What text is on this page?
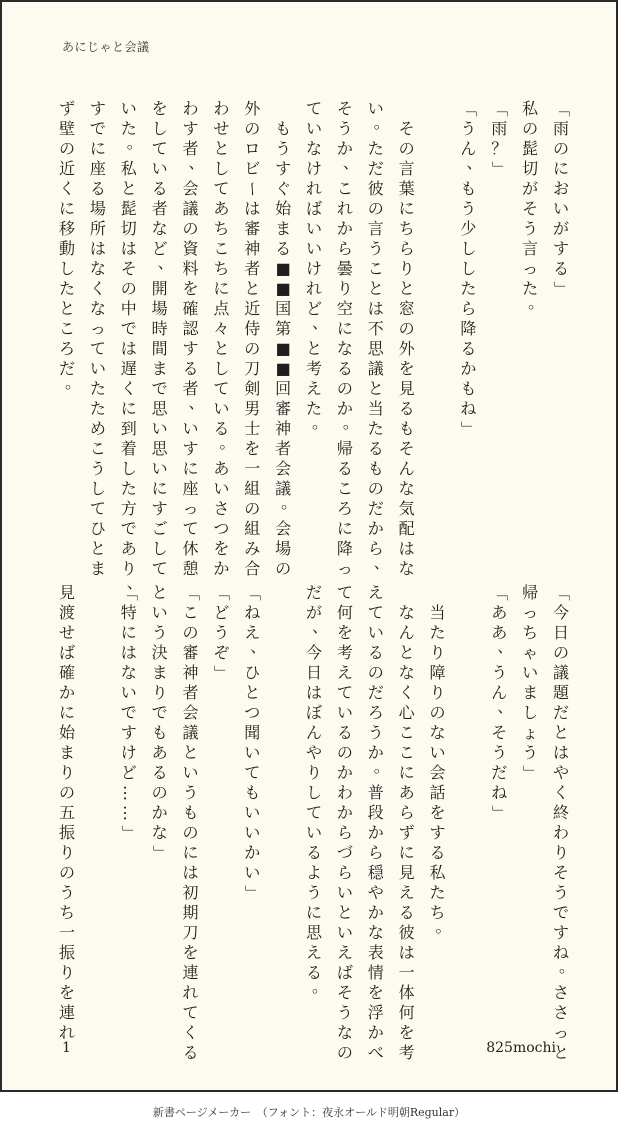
あにじゃと会議
「
雨
の
に
お
い
が
す
る
」
私
の
髭
切
が
そ
う
言
っ
た
。
「
雨
？
」
「
う
ん
、
も
う
少
し
し
た
ら
降
る
か
も
ね
」

そ
の
言
葉
に
ち
ら
り
と
窓
の
外
を
見
る
も
そ
ん
な
気
配
は
な
い
。
た
だ
彼
の
言
う
こ
と
は
不
思
議
と
当
た
る
も
の
だ
か
ら
、
そ
う
か
、
こ
れ
か
ら
曇
り
空
に
な
る
の
か
。
帰
る
こ
ろ
に
降
っ
て
い
な
け
れ
ば
い
い
け
れ
ど
、
と
考
え
た
。

も
う
す
ぐ
始
ま
る
■
■
国
第
■
■
回
審
神
者
会
議
。
会
場
の
外
の
ロ
ビ
ー
は
審
神
者
と
近
侍
の
刀
剣
男
士
を
一
組
の
組
み
合
わ
せ
と
し
て
あ
ち
こ
ち
に
点
々
と
し
て
い
る
。
あ
い
さ
つ
を
か
わ
す
者
、
会
議
の
資
料
を
確
認
す
る
者
、
い
す
に
座
っ
て
休
憩
を
し
て
い
る
者
な
ど
、
開
場
時
間
ま
で
思
い
思
い
に
す
ご
し
て
い
た
。
私
と
髭
切
は
そ
の
中
で
は
遅
く
に
到
着
し
た
方
で
あ
り
、
す
で
に
座
る
場
所
は
な
く
な
っ
て
い
た
た
め
こ
う
し
て
ひ
と
ま
ず
壁
の
近
く
に
移
動
し
た
と
こ
ろ
だ
。
「
今
日
の
議
題
だ
と
は
や
く
終
わ
り
そ
う
で
す
ね
。
さ
さ
っ
と
帰
っ
ち
ゃ
い
ま
し
ょ
う
」
「
あ
あ
、
う
ん
、
そ
う
だ
ね
」

当
た
り
障
り
の
な
い
会
話
を
す
る
私
た
ち
。

な
ん
と
な
く
心
こ
こ
に
あ
ら
ず
に
見
え
る
彼
は
一
体
何
を
考
え
て
い
る
の
だ
ろ
う
か
。
普
段
か
ら
穏
や
か
な
表
情
を
浮
か
べ
て
何
を
考
え
て
い
る
の
か
わ
か
ら
づ
ら
い
と
い
え
ば
そ
う
な
の
だ
が
、
今
日
は
ぼ
ん
や
り
し
て
い
る
よ
う
に
思
え
る
。
「
ね
え
、
ひ
と
つ
聞
い
て
も
い
い
か
い
」
「
ど
う
ぞ
」
「
こ
の
審
神
者
会
議
と
い
う
も
の
に
は
初
期
刀
を
連
れ
て
く
る
と
い
う
決
ま
り
で
も
あ
る
の
か
な
」
「
特
に
は
な
い
で
す
け
ど
…
…
」
見
渡
せ
ば
確
か
に
始
ま
り
の
五
振
り
の
う
ち
一
振
り
を
連
れ
1	825mochi
新書ページメーカー　（フォント：夜永オールド明朝Regular）
